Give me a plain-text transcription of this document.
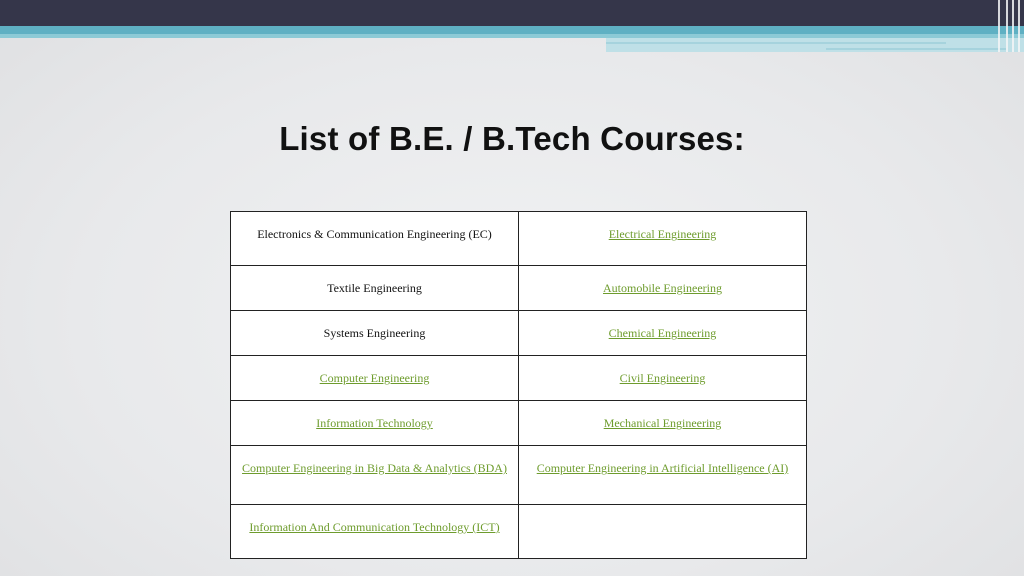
List of B.E. / B.Tech Courses:
Electronics & Communication Engineering (EC)	Electrical Engineering
Textile Engineering	Automobile Engineering
Systems Engineering	Chemical Engineering
Computer Engineering	Civil Engineering
Information Technology	Mechanical Engineering
Computer Engineering in Big Data & Analytics (BDA)	Computer Engineering in Artificial Intelligence (AI)
Information And Communication Technology (ICT)	
